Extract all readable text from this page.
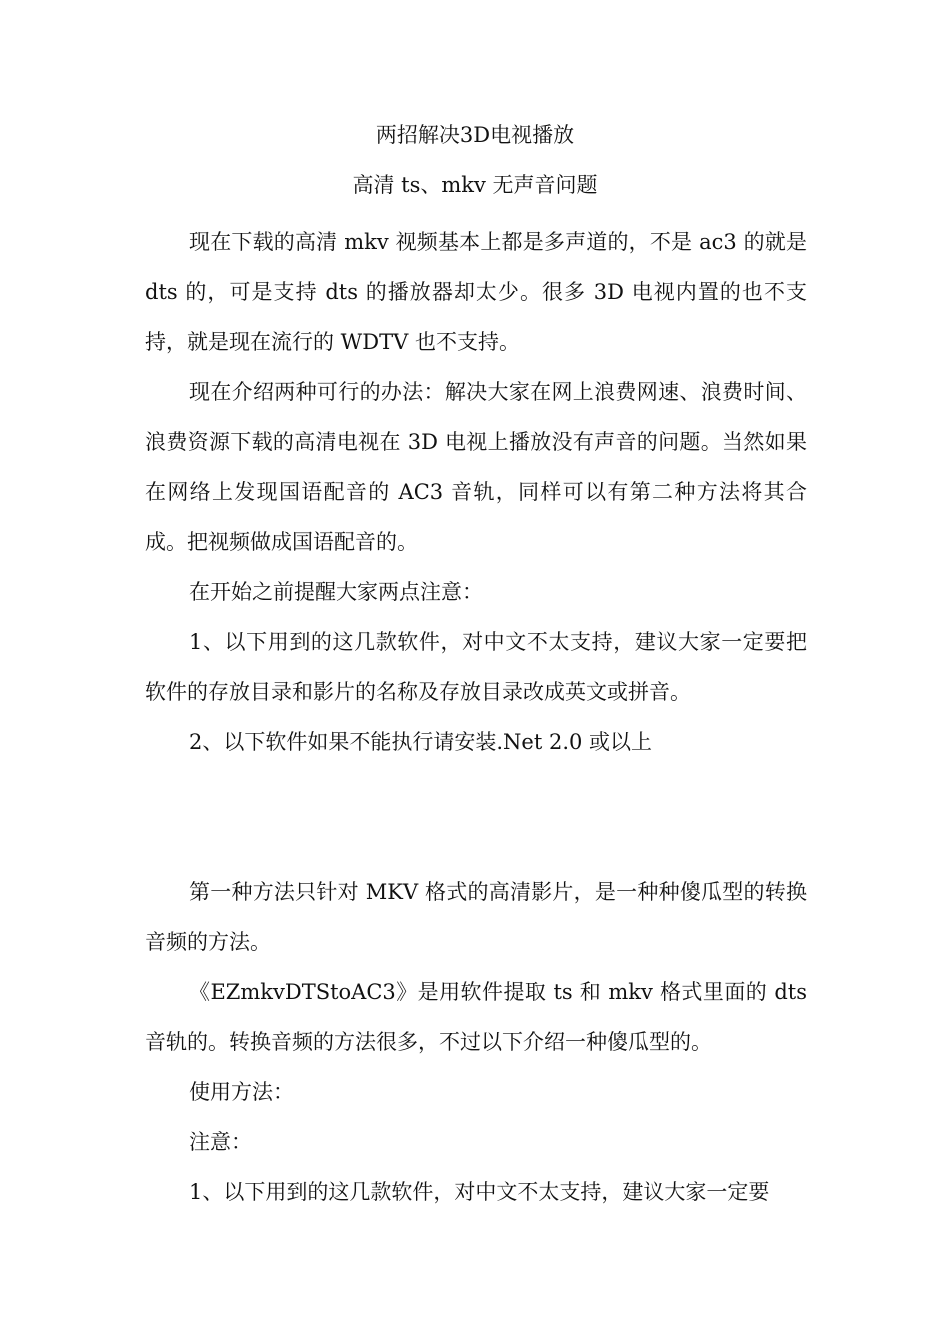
两招解决3D电视播放
高清 ts、mkv 无声音问题

现在下载的高清 mkv 视频基本上都是多声道的，不是 ac3 的就是 dts 的，可是支持 dts 的播放器却太少。很多 3D 电视内置的也不支持，就是现在流行的 WDTV 也不支持。

现在介绍两种可行的办法：解决大家在网上浪费网速、浪费时间、浪费资源下载的高清电视在 3D 电视上播放没有声音的问题。当然如果在网络上发现国语配音的 AC3 音轨，同样可以有第二种方法将其合成。把视频做成国语配音的。

在开始之前提醒大家两点注意：

1、以下用到的这几款软件，对中文不太支持，建议大家一定要把软件的存放目录和影片的名称及存放目录改成英文或拼音。

2、以下软件如果不能执行请安装.Net 2.0 或以上

第一种方法只针对 MKV 格式的高清影片，是一种种傻瓜型的转换音频的方法。

《EZmkvDTStoAC3》是用软件提取 ts 和 mkv 格式里面的 dts 音轨的。转换音频的方法很多，不过以下介绍一种傻瓜型的。

使用方法：

注意：

1、以下用到的这几款软件，对中文不太支持，建议大家一定要
